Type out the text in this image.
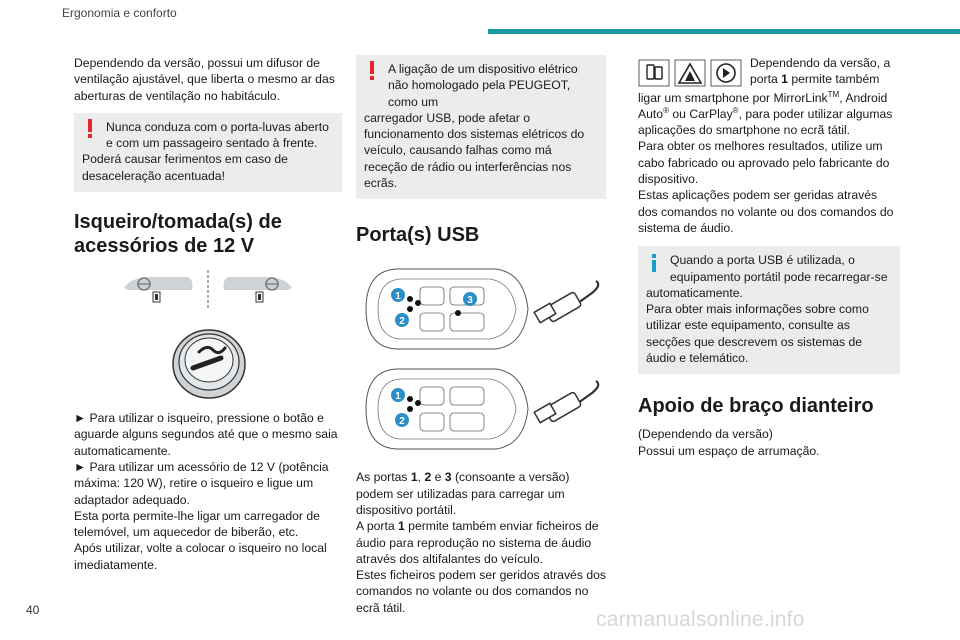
Ergonomia e conforto

Dependendo da versão, possui um difusor de ventilação ajustável, que liberta o mesmo ar das aberturas de ventilação no habitáculo.

Nunca conduza com o porta-luvas aberto e com um passageiro sentado à frente.

Poderá causar ferimentos em caso de desaceleração acentuada!

Isqueiro/tomada(s) de acessórios de 12 V

► Para utilizar o isqueiro, pressione o botão e aguarde alguns segundos até que o mesmo saia automaticamente.

► Para utilizar um acessório de 12 V (potência máxima: 120 W), retire o isqueiro e ligue um adaptador adequado.

Esta porta permite-lhe ligar um carregador de telemóvel, um aquecedor de biberão, etc.

Após utilizar, volte a colocar o isqueiro no local imediatamente.

A ligação de um dispositivo elétrico não homologado pela PEUGEOT, como um

carregador USB, pode afetar o funcionamento dos sistemas elétricos do veículo, causando falhas como má receção de rádio ou interferências nos ecrãs.

Porta(s) USB
1
2
3
1
2

As portas 1, 2 e 3 (consoante a versão) podem ser utilizadas para carregar um dispositivo portátil.

A porta 1 permite também enviar ficheiros de áudio para reprodução no sistema de áudio através dos altifalantes do veículo.

Estes ficheiros podem ser geridos através dos comandos no volante ou dos comandos no ecrã tátil.

Dependendo da versão, a porta 1 permite também

ligar um smartphone por MirrorLink™, Android Auto® ou CarPlay®, para poder utilizar algumas aplicações do smartphone no ecrã tátil.

Para obter os melhores resultados, utilize um cabo fabricado ou aprovado pelo fabricante do dispositivo.

Estas aplicações podem ser geridas através dos comandos no volante ou dos comandos do sistema de áudio.

Quando a porta USB é utilizada, o equipamento portátil pode recarregar-se

automaticamente.

Para obter mais informações sobre como utilizar este equipamento, consulte as secções que descrevem os sistemas de áudio e telemático.

Apoio de braço dianteiro

(Dependendo da versão)

Possui um espaço de arrumação.

40	carmanualsonline.info
